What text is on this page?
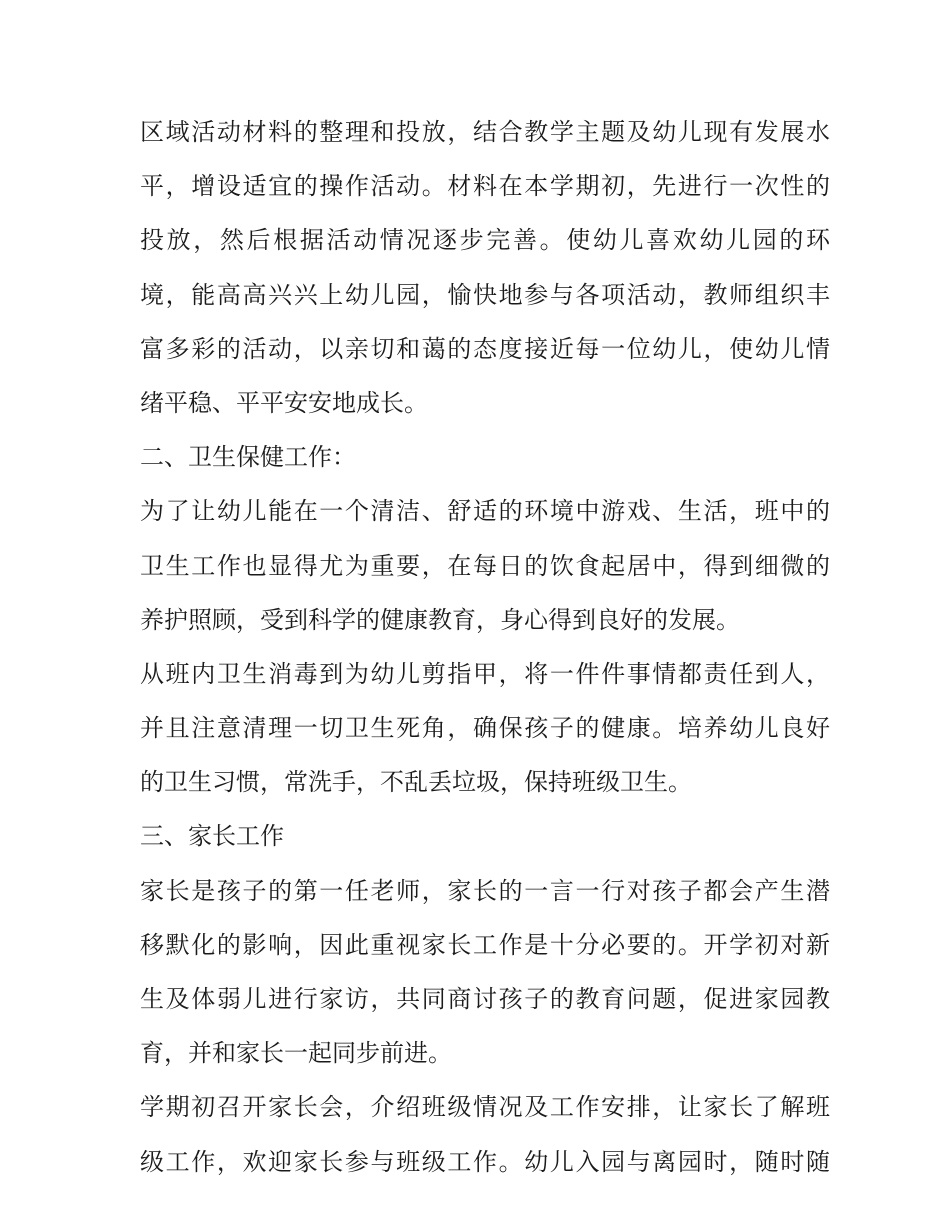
区域活动材料的整理和投放，结合教学主题及幼儿现有发展水
平，增设适宜的操作活动。材料在本学期初，先进行一次性的
投放，然后根据活动情况逐步完善。使幼儿喜欢幼儿园的环
境，能高高兴兴上幼儿园，愉快地参与各项活动，教师组织丰
富多彩的活动，以亲切和蔼的态度接近每一位幼儿，使幼儿情
绪平稳、平平安安地成长。
二、卫生保健工作：
为了让幼儿能在一个清洁、舒适的环境中游戏、生活，班中的
卫生工作也显得尤为重要，在每日的饮食起居中，得到细微的
养护照顾，受到科学的健康教育，身心得到良好的发展。
从班内卫生消毒到为幼儿剪指甲，将一件件事情都责任到人，
并且注意清理一切卫生死角，确保孩子的健康。培养幼儿良好
的卫生习惯，常洗手，不乱丢垃圾，保持班级卫生。
三、家长工作
家长是孩子的第一任老师，家长的一言一行对孩子都会产生潜
移默化的影响，因此重视家长工作是十分必要的。开学初对新
生及体弱儿进行家访，共同商讨孩子的教育问题，促进家园教
育，并和家长一起同步前进。
学期初召开家长会，介绍班级情况及工作安排，让家长了解班
级工作，欢迎家长参与班级工作。幼儿入园与离园时，随时随
